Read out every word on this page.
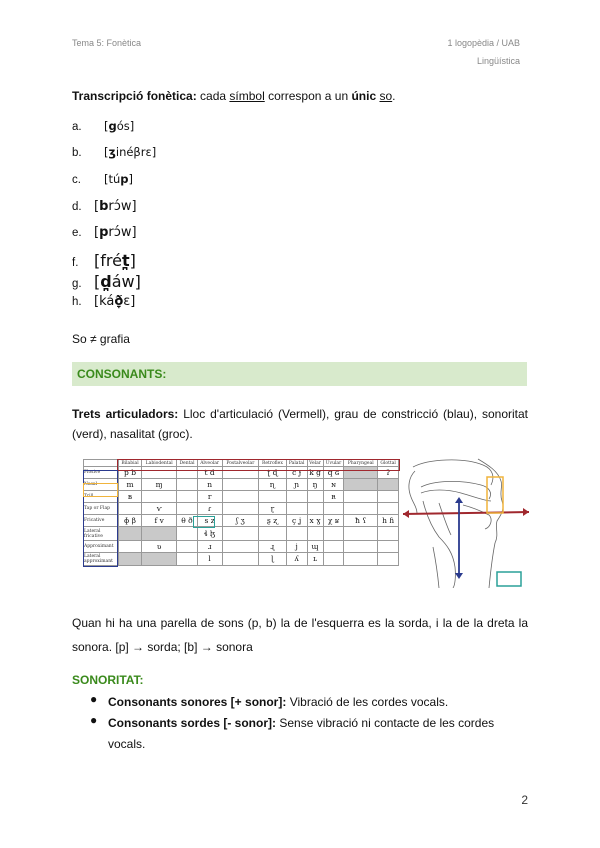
Tema 5: Fonètica	1 logopèdia / UAB
Lingüística
Transcripció fonètica: cada símbol correspon a un únic so.
a. [gós]
b. [ʒinéβrɛ]
c. [túp]
d. [brɔ́w]
e. [prɔ́w]
f. [frét̪]
g. [d̪áw]
h. [káð̞ɛ]
So ≠ grafia
CONSONANTS:
Trets articuladors: Lloc d'articulació (Vermell), grau de constricció (blau), sonoritat (verd), nasalitat (groc).
	Bilabial	Labiodental	Dental	Alveolar	Postalveolar	Retroflex	Palatal	Velar	Uvular	Pharyngeal	Glottal
Plosive	p b			t d		ʈ ɖ	c ɟ	k g	q ɢ		ʔ
Nasal	m	ɱ		n		ɳ	ɲ	ŋ	ɴ		
Trill	ʙ			r					ʀ		
Tap or Flap		ⱱ		ɾ		ɽ					
Fricative	ɸ β	f v	θ ð	s z	ʃ ʒ	ʂ ʐ	ç ʝ	x ɣ	χ ʁ	ħ ʕ	h ɦ
Lateral fricative				ɬ ɮ							
Approximant		ʋ		ɹ		ɻ	j	ɰ			
Lateral approximant				l		ɭ	ʎ	ʟ			
Quan hi ha una parella de sons (p, b) la de l'esquerra es la sorda, i la de la dreta la sonora. [p] → sorda; [b] → sonora
SONORITAT:
● Consonants sonores [+ sonor]: Vibració de les cordes vocals.
● Consonants sordes [- sonor]: Sense vibració ni contacte de les cordes vocals.
2
